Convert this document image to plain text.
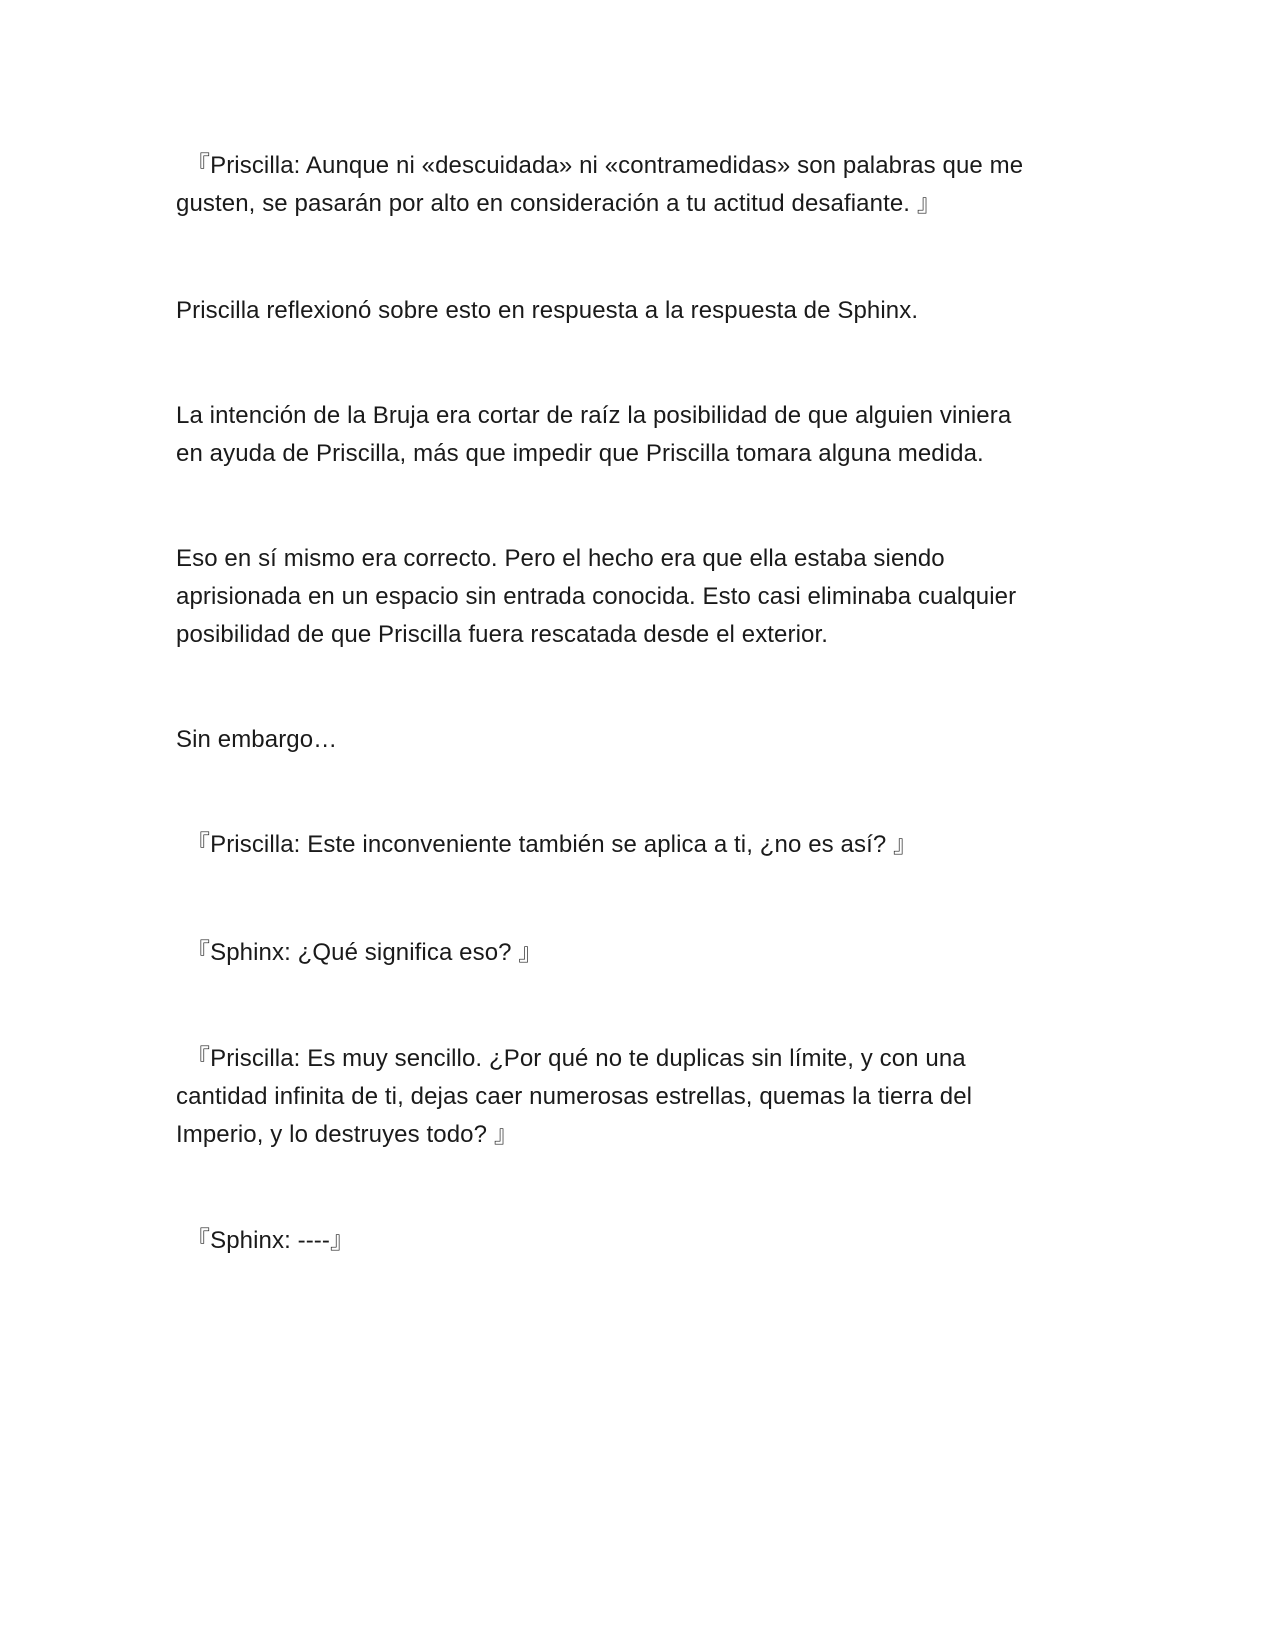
『Priscilla: Aunque ni «descuidada» ni «contramedidas» son palabras que me

gusten, se pasarán por alto en consideración a tu actitud desafiante. 』

Priscilla reflexionó sobre esto en respuesta a la respuesta de Sphinx.

La intención de la Bruja era cortar de raíz la posibilidad de que alguien viniera

en ayuda de Priscilla, más que impedir que Priscilla tomara alguna medida.

Eso en sí mismo era correcto. Pero el hecho era que ella estaba siendo

aprisionada en un espacio sin entrada conocida. Esto casi eliminaba cualquier

posibilidad de que Priscilla fuera rescatada desde el exterior.

Sin embargo…

『Priscilla: Este inconveniente también se aplica a ti, ¿no es así? 』

『Sphinx: ¿Qué significa eso? 』

『Priscilla: Es muy sencillo. ¿Por qué no te duplicas sin límite, y con una

cantidad infinita de ti, dejas caer numerosas estrellas, quemas la tierra del

Imperio, y lo destruyes todo? 』

『Sphinx: ----』
